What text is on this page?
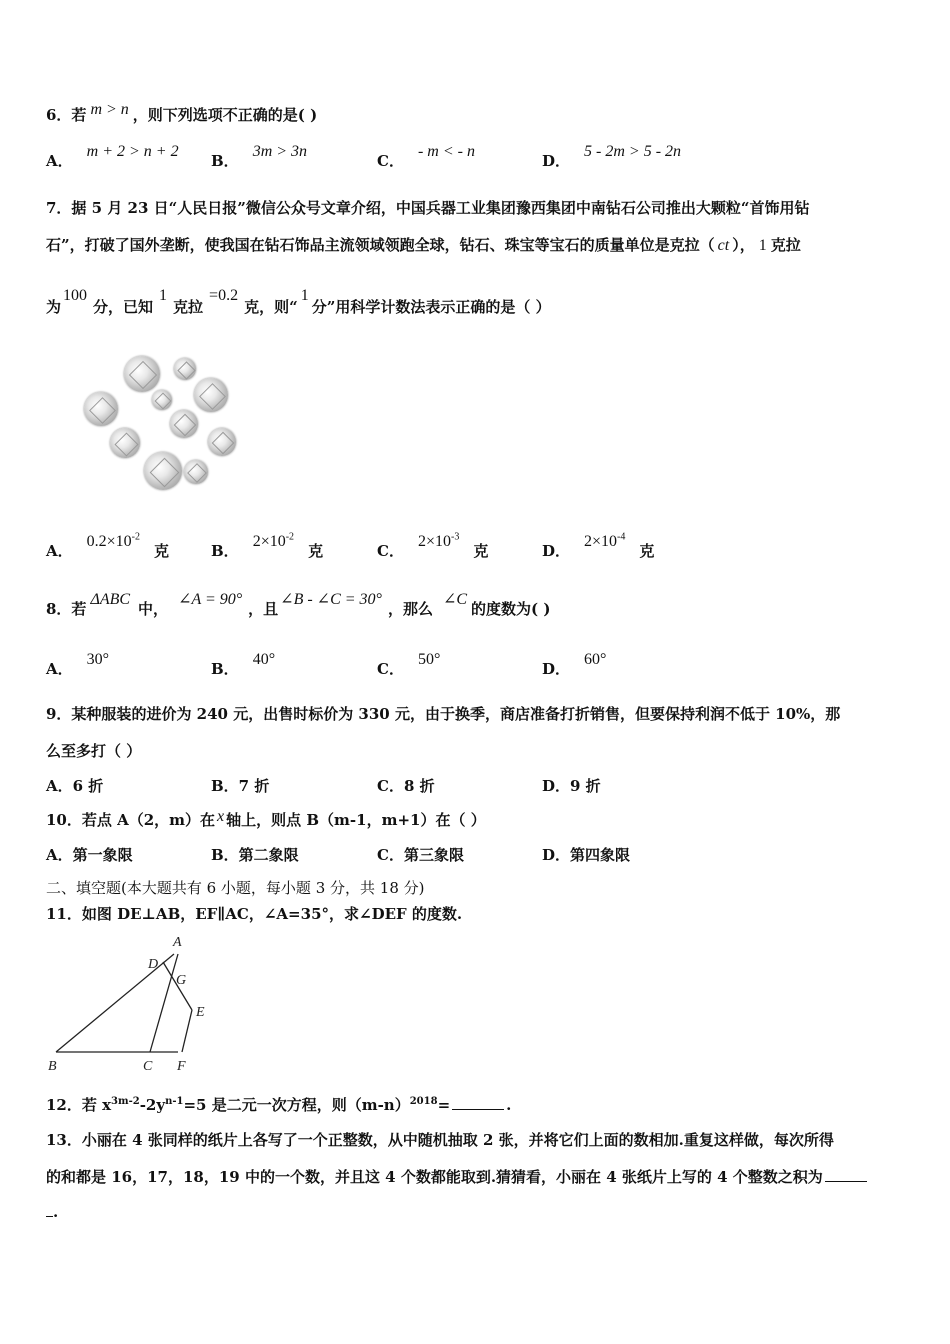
6．若 m > n ，则下列选项不正确的是( )
A．m + 2 > n + 2
B．3m > 3n
C．- m < - n
D．5 - 2m > 5 - 2n
7．据 5 月 23 日“人民日报”微信公众号文章介绍，中国兵器工业集团豫西集团中南钻石公司推出大颗粒“首饰用钻
石”，打破了国外垄断，使我国在钻石饰品主流领域领跑全球，钻石、珠宝等宝石的质量单位是克拉（ ct ）， 1 克拉
为100分，已知1克拉=0.2克，则“1分”用科学计数法表示正确的是（ ）
A．$0.2\times 10^{-2}$克	B．$2\times 10^{-2}$克	C．$2\times 10^{-3}$克	D．$2\times 10^{-4}$克
8．若ΔABC中，∠A = 90°，且∠B - ∠C = 30°，那么∠C的度数为( )
A．30°
B．40°
C．50°
D．60°
9．某种服装的进价为 240 元，出售时标价为 330 元，由于换季，商店准备打折销售，但要保持利润不低于 10%，那
么至多打（ ）
A．6 折	B．7 折	C．8 折	D．9 折
10．若点 A（2，m）在 x 轴上，则点 B（m-1，m+1）在（ ）
A．第一象限	B．第二象限	C．第三象限	D．第四象限
二、填空题(本大题共有 6 小题，每小题 3 分，共 18 分)
11．如图 DE⊥AB，EF∥AC，∠A=35°，求∠DEF 的度数.
A
D
G
E
B	C F
12．若 $x^{3m-2}-2y^{n-1}=5$ 是二元一次方程，则$(m-n)^{2018}=$	.
13．小丽在 4 张同样的纸片上各写了一个正整数，从中随机抽取 2 张，并将它们上面的数相加.重复这样做，每次所得
的和都是 16，17，18，19 中的一个数，并且这 4 个数都能取到.猜猜看，小丽在 4 张纸片上写的 4 个整数之积为
.
